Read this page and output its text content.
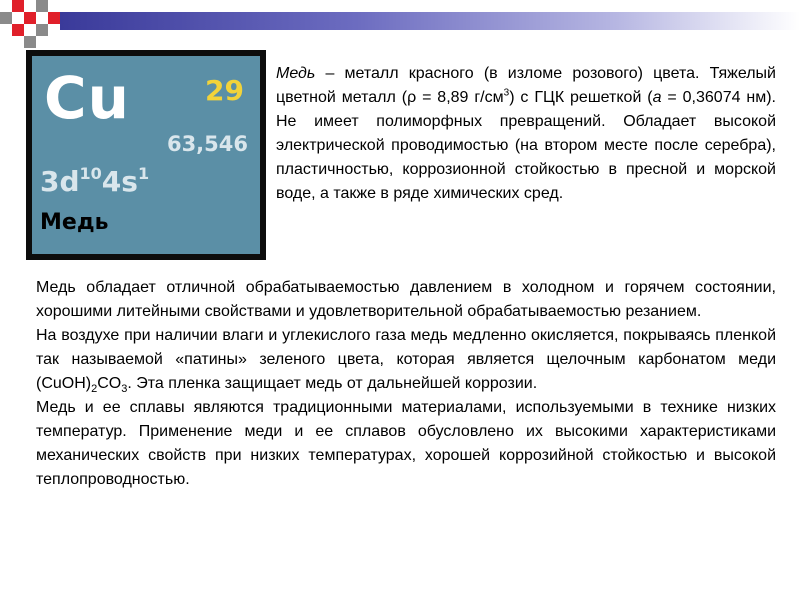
Cu	29
63,546
$3d^{10}4s^1$
Медь
Медь – металл красного (в изломе розового) цвета. Тяжелый цветной металл (ρ = 8,89 $г/см^3$) с ГЦК решеткой (а = 0,36074 нм). Не имеет полиморфных превращений. Обладает высокой электрической проводимостью (на втором месте после серебра), пластичностью, коррозионной стойкостью в пресной и морской воде, а также в ряде химических сред.

Медь обладает отличной обрабатываемостью давлением в холодном и горячем состоянии, хорошими литейными свойствами и удовлетворительной обрабатываемостью резанием.

На воздухе при наличии влаги и углекислого газа медь медленно окисляется, покрываясь пленкой так называемой «патины» зеленого цвета, которая является щелочным карбонатом меди $(CuOH)_2CO_3$. Эта пленка защищает медь от дальнейшей коррозии.

Медь и ее сплавы являются традиционными материалами, используемыми в технике низких температур. Применение меди и ее сплавов обусловлено их высокими характеристиками механических свойств при низких температурах, хорошей коррозийной стойкостью и высокой теплопроводностью.
